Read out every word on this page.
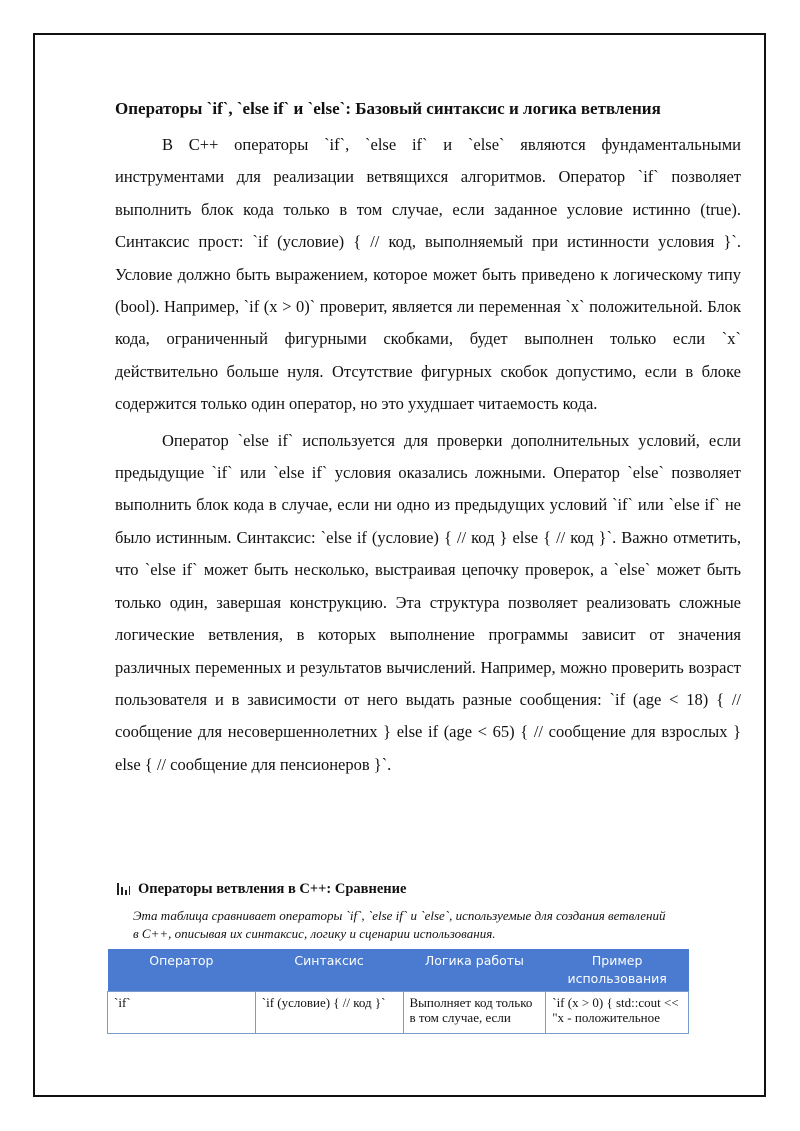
Операторы `if`, `else if` и `else`: Базовый синтаксис и логика ветвления

В C++ операторы `if`, `else if` и `else` являются фундаментальными инструментами для реализации ветвящихся алгоритмов. Оператор `if` позволяет выполнить блок кода только в том случае, если заданное условие истинно (true). Синтаксис прост: `if (условие) { // код, выполняемый при истинности условия }`. Условие должно быть выражением, которое может быть приведено к логическому типу (bool). Например, `if (x > 0)` проверит, является ли переменная `x` положительной. Блок кода, ограниченный фигурными скобками, будет выполнен только если `x` действительно больше нуля. Отсутствие фигурных скобок допустимо, если в блоке содержится только один оператор, но это ухудшает читаемость кода.

Оператор `else if` используется для проверки дополнительных условий, если предыдущие `if` или `else if` условия оказались ложными. Оператор `else` позволяет выполнить блок кода в случае, если ни одно из предыдущих условий `if` или `else if` не было истинным. Синтаксис: `else if (условие) { // код } else { // код }`. Важно отметить, что `else if` может быть несколько, выстраивая цепочку проверок, а `else` может быть только один, завершая конструкцию. Эта структура позволяет реализовать сложные логические ветвления, в которых выполнение программы зависит от значения различных переменных и результатов вычислений. Например, можно проверить возраст пользователя и в зависимости от него выдать разные сообщения: `if (age < 18) { // сообщение для несовершеннолетних } else if (age < 65) { // сообщение для взрослых } else { // сообщение для пенсионеров }`.

Операторы ветвления в C++: Сравнение
Эта таблица сравнивает операторы `if`, `else if` и `else`, используемые для создания ветвлений в C++, описывая их синтаксис, логику и сценарии использования.
Оператор	Синтаксис	Логика работы	Пример использования

`if`	`if (условие) { // код }`	Выполняет код только в том случае, если	`if (x > 0) { std::cout << "x - положительное
